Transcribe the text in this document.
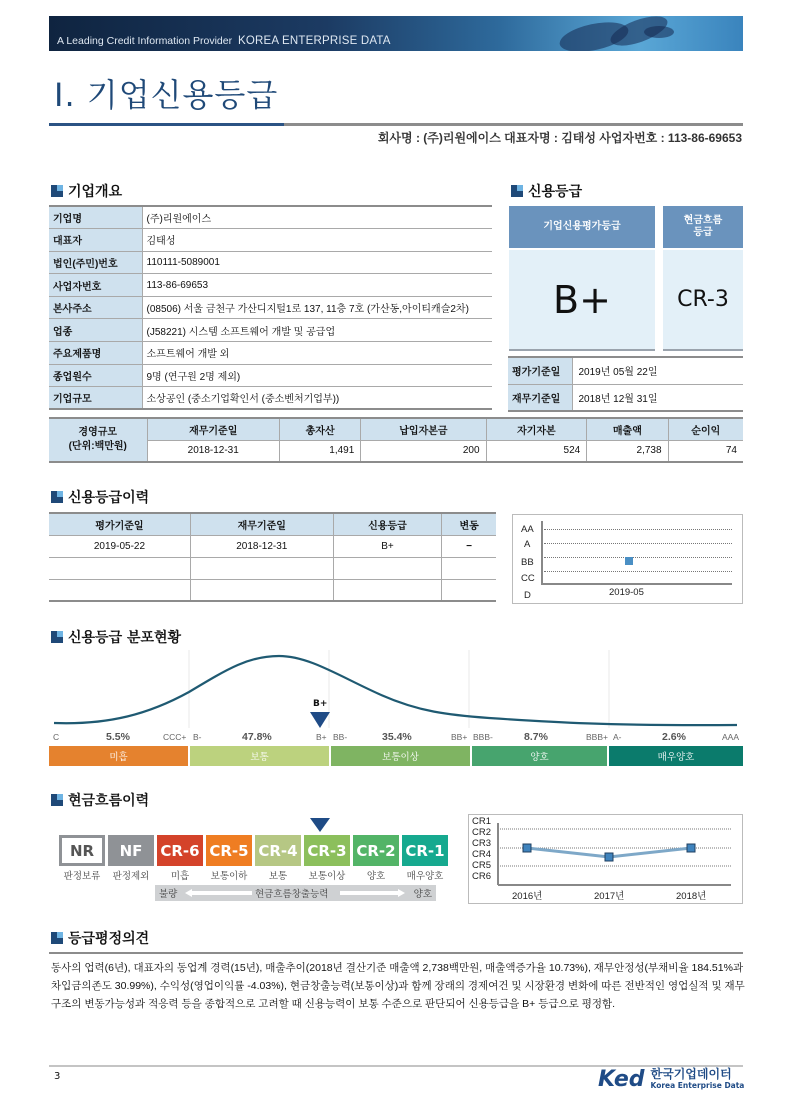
A Leading Credit Information Provider KOREA ENTERPRISE DATA
Ⅰ. 기업신용등급
회사명 : (주)리원에이스 대표자명 : 김태성 사업자번호 : 113-86-69653
기업개요
기업명	(주)리원에이스
대표자	김태성
법인(주민)번호	110111-5089001
사업자번호	113-86-69653
본사주소	(08506) 서울 금천구 가산디지털1로 137, 11층 7호 (가산동,아이티캐슬2차)
업종	(J58221) 시스템 소프트웨어 개발 및 공급업
주요제품명	소프트웨어 개발 외
종업원수	9명 (연구원 2명 제외)
기업규모	소상공인 (중소기업확인서 (중소벤처기업부))
신용등급
기업신용평가등급
현금흐름
등급
B+	CR-3
평가기준일	2019년 05월 22일
재무기준일	2018년 12월 31일
경영규모
(단위:백만원)	재무기준일	총자산	납입자본금	자기자본	매출액	순이익
	2018-12-31	1,491	200	524	2,738	74
신용등급이력
평가기준일	재무기준일	신용등급	변동
2019-05-22	2018-12-31	B+	−

AA
A
BB
CC
D	2019-05
신용등급 분포현황
B+
C	CCC+ B-	B+ BB-	BB+ BBB-	BBB+ A-	AAA
5.5%	47.8%	35.4%	8.7%	2.6%
미흡	보통	보통이상	양호	매우양호
현금흐름이력
NR	NF	CR-6 CR-5 CR-4 CR-3 CR-2 CR-1
판정보류	판정제외	미흡	보통이하	보통	보통이상	양호	매우양호
불량	현금흐름창출능력	양호
CR1
CR2
CR3
CR4
CR5
CR6
2016년	2017년	2018년
등급평정의견
동사의 업력(6년), 대표자의 동업계 경력(15년), 매출추이(2018년 결산기준 매출액 2,738백만원, 매출액증가율 10.73%), 재무안정성(부채비율 184.51%과 차입금의존도 30.99%), 수익성(영업이익률 -4.03%), 현금창출능력(보통이상)과 함께 장래의 경제여건 및 시장환경 변화에 따른 전반적인 영업실적 및 재무구조의 변동가능성과 적응력 등을 종합적으로 고려할 때 신용능력이 보통 수준으로 판단되어 신용등급을 B+ 등급으로 평정함.
3	Ked 한국기업데이터
Korea Enterprise Data
